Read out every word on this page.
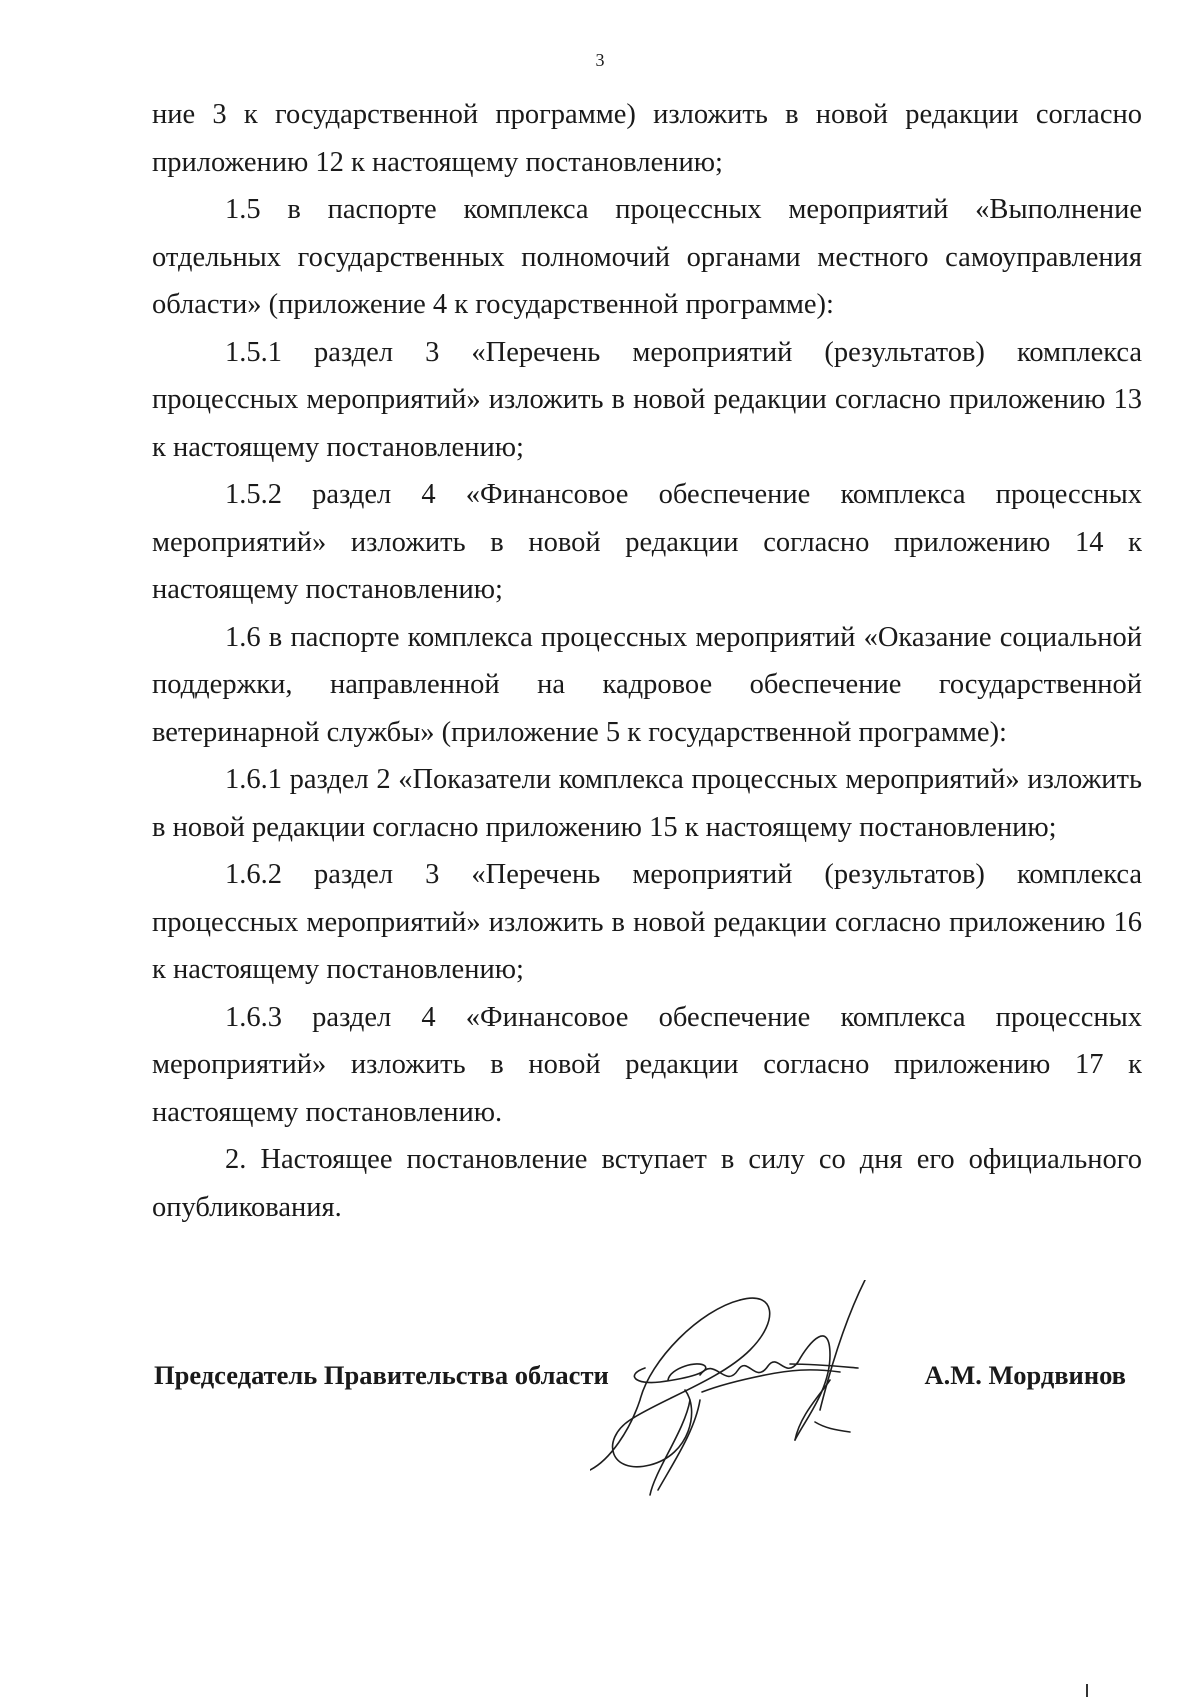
3

ние 3 к государственной программе) изложить в новой редакции согласно приложению 12 к настоящему постановлению;

1.5 в паспорте комплекса процессных мероприятий «Выполнение отдельных государственных полномочий органами местного самоуправления области» (приложение 4 к государственной программе):

1.5.1 раздел 3 «Перечень мероприятий (результатов) комплекса процессных мероприятий» изложить в новой редакции согласно приложению 13 к настоящему постановлению;

1.5.2 раздел 4 «Финансовое обеспечение комплекса процессных мероприятий» изложить в новой редакции согласно приложению 14 к настоящему постановлению;

1.6 в паспорте комплекса процессных мероприятий «Оказание социальной поддержки, направленной на кадровое обеспечение государственной ветеринарной службы» (приложение 5 к государственной программе):

1.6.1 раздел 2 «Показатели комплекса процессных мероприятий» изложить в новой редакции согласно приложению 15 к настоящему постановлению;

1.6.2 раздел 3 «Перечень мероприятий (результатов) комплекса процессных мероприятий» изложить в новой редакции согласно приложению 16 к настоящему постановлению;

1.6.3 раздел 4 «Финансовое обеспечение комплекса процессных мероприятий» изложить в новой редакции согласно приложению 17 к настоящему постановлению.

2. Настоящее постановление вступает в силу со дня его официального опубликования.

Председатель Правительства области	А.М. Мордвинов
